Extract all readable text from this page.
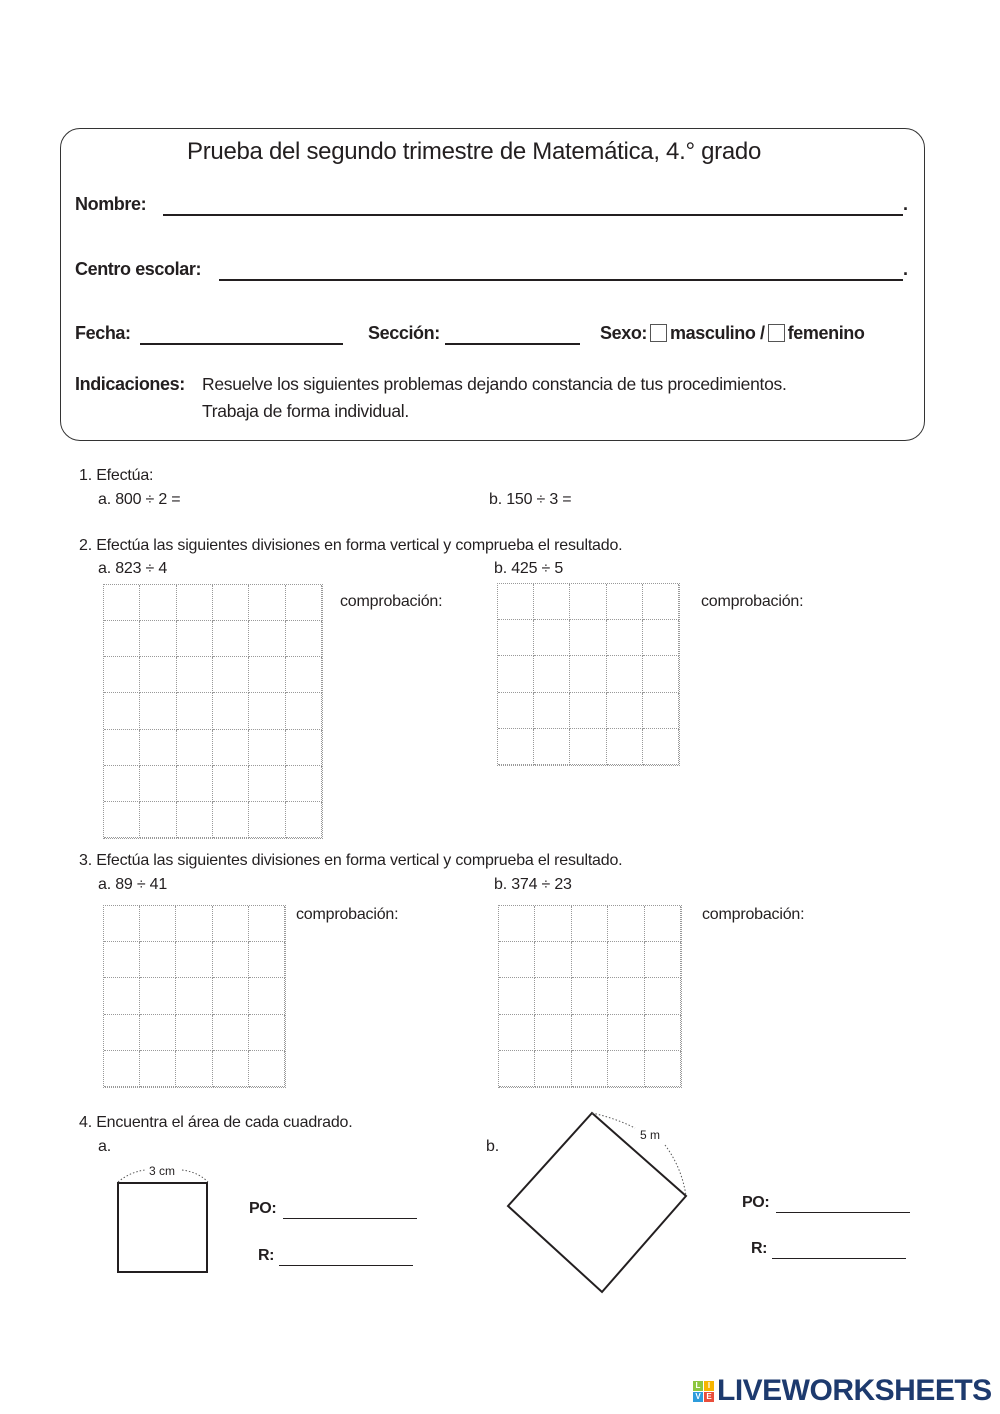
Prueba del segundo trimestre de Matemática, 4.° grado
Nombre:	.
Centro escolar:	.
Fecha:	Sección:	Sexo: masculino / femenino
Indicaciones: Resuelve los siguientes problemas dejando constancia de tus procedimientos.
Trabaja de forma individual.
1. Efectúa:
a. 800 ÷ 2 =	b. 150 ÷ 3 =
2. Efectúa las siguientes divisiones en forma vertical y comprueba el resultado.
a. 823 ÷ 4	b. 425 ÷ 5
comprobación:	comprobación:
3. Efectúa las siguientes divisiones en forma vertical y comprueba el resultado.
a. 89 ÷ 41	b. 374 ÷ 23
comprobación:	comprobación:
4. Encuentra el área de cada cuadrado.
a.	b.
3 cm
5 m
PO:
R:
PO:
R:
L I
V E LIVEWORKSHEETS
